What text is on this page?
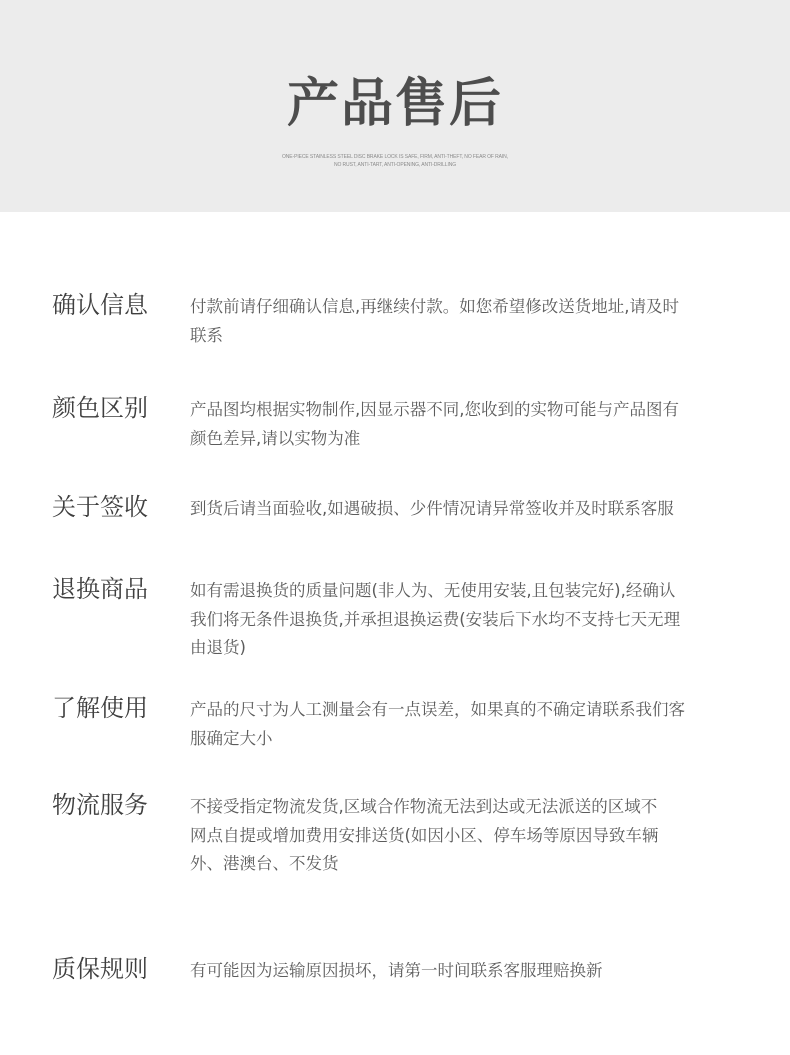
产品售后
ONE-PIECE STAINLESS STEEL DISC BRAKE LOCK IS SAFE, FIRM, ANTI-THEFT, NO FEAR OF RAIN,
NO RUST, ANTI-TART, ANTI-OPENING, ANTI-DRILLING
确认信息	付款前请仔细确认信息,再继续付款。如您希望修改送货地址,请及时联系
颜色区别	产品图均根据实物制作,因显示器不同,您收到的实物可能与产品图有颜色差异,请以实物为准
关于签收	到货后请当面验收,如遇破损、少件情况请异常签收并及时联系客服
退换商品	如有需退换货的质量问题(非人为、无使用安装,且包装完好),经确认我们将无条件退换货,并承担退换运费(安装后下水均不支持七天无理由退货)
了解使用	产品的尺寸为人工测量会有一点误差，如果真的不确定请联系我们客服确定大小
物流服务	不接受指定物流发货,区域合作物流无法到达或无法派送的区域不
网点自提或增加费用安排送货(如因小区、停车场等原因导致车辆
外、港澳台、不发货
质保规则	有可能因为运输原因损坏，请第一时间联系客服理赔换新
